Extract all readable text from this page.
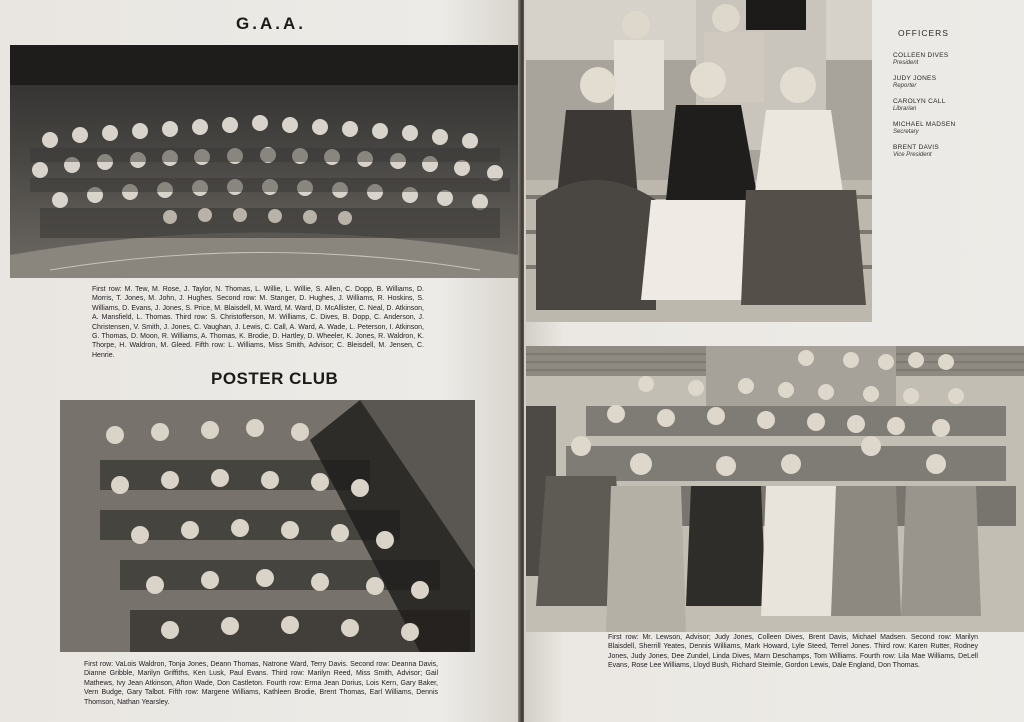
G.A.A.
First row: M. Tew, M. Rose, J. Taylor, N. Thomas, L. Willie, L. Willie, S. Allen, C. Dopp, B. Williams, D. Morris, T. Jones, M. John, J. Hughes. Second row: M. Stanger, D. Hughes, J. Williams, R. Hoskins, S. Williams, D. Evans, J. Jones, S. Price, M. Blaisdell, M. Ward, M. Ward, D. McAllister, C. Neal, D. Atkinson, A. Mansfield, L. Thomas. Third row: S. Christofferson, M. Williams, C. Dives, B. Dopp, C. Anderson, J. Christensen, V. Smith, J. Jones, C. Vaughan, J. Lewis, C. Call, A. Ward, A. Wade, L. Peterson, I. Atkinson, G. Thomas, D. Moon, R. Williams, A. Thomas, K. Brodie, D. Hartley, D. Wheeler, K. Jones, R. Waldron, K. Thorpe, H. Waldron, M. Gleed. Fifth row: L. Williams, Miss Smith, Advisor; C. Bleisdell, M. Jensen, C. Henrie.
POSTER CLUB
First row: VaLois Waldron, Tonja Jones, Deann Thomas, Natrone Ward, Terry Davis. Second row: Deanna Davis, Dianne Gribble, Marilyn Griffiths, Ken Lusk, Paul Evans. Third row: Marilyn Reed, Miss Smith, Advisor; Gail Mathews, Ivy Jean Atkinson, Afton Wade, Don Castleton. Fourth row: Erma Jean Dorius, Lois Kern, Gary Baker, Vern Budge, Gary Talbot. Fifth row: Margene Williams, Kathleen Brodie, Brent Thomas, Earl Williams, Dennis Thomson, Nathan Yearsley.
OFFICERS
COLLEEN DIVES
President
JUDY JONES
Reporter
CAROLYN CALL
Librarian
MICHAEL MADSEN
Secretary
BRENT DAVIS
Vice President
First row: Mr. Lewson, Advisor; Judy Jones, Colleen Dives, Brent Davis, Michael Madsen. Second row: Marilyn Blaisdell, Sherrill Yeates, Dennis Williams, Mark Howard, Lyle Steed, Terrel Jones. Third row: Karen Rutter, Rodney Jones, Judy Jones, Dee Zundel, Linda Dives, Marn Deschamps, Tom Williams. Fourth row: Lila Mae Williams, DeLell Evans, Rose Lee Williams, Lloyd Bush, Richard Steimle, Gordon Lewis, Dale England, Don Thomas.
